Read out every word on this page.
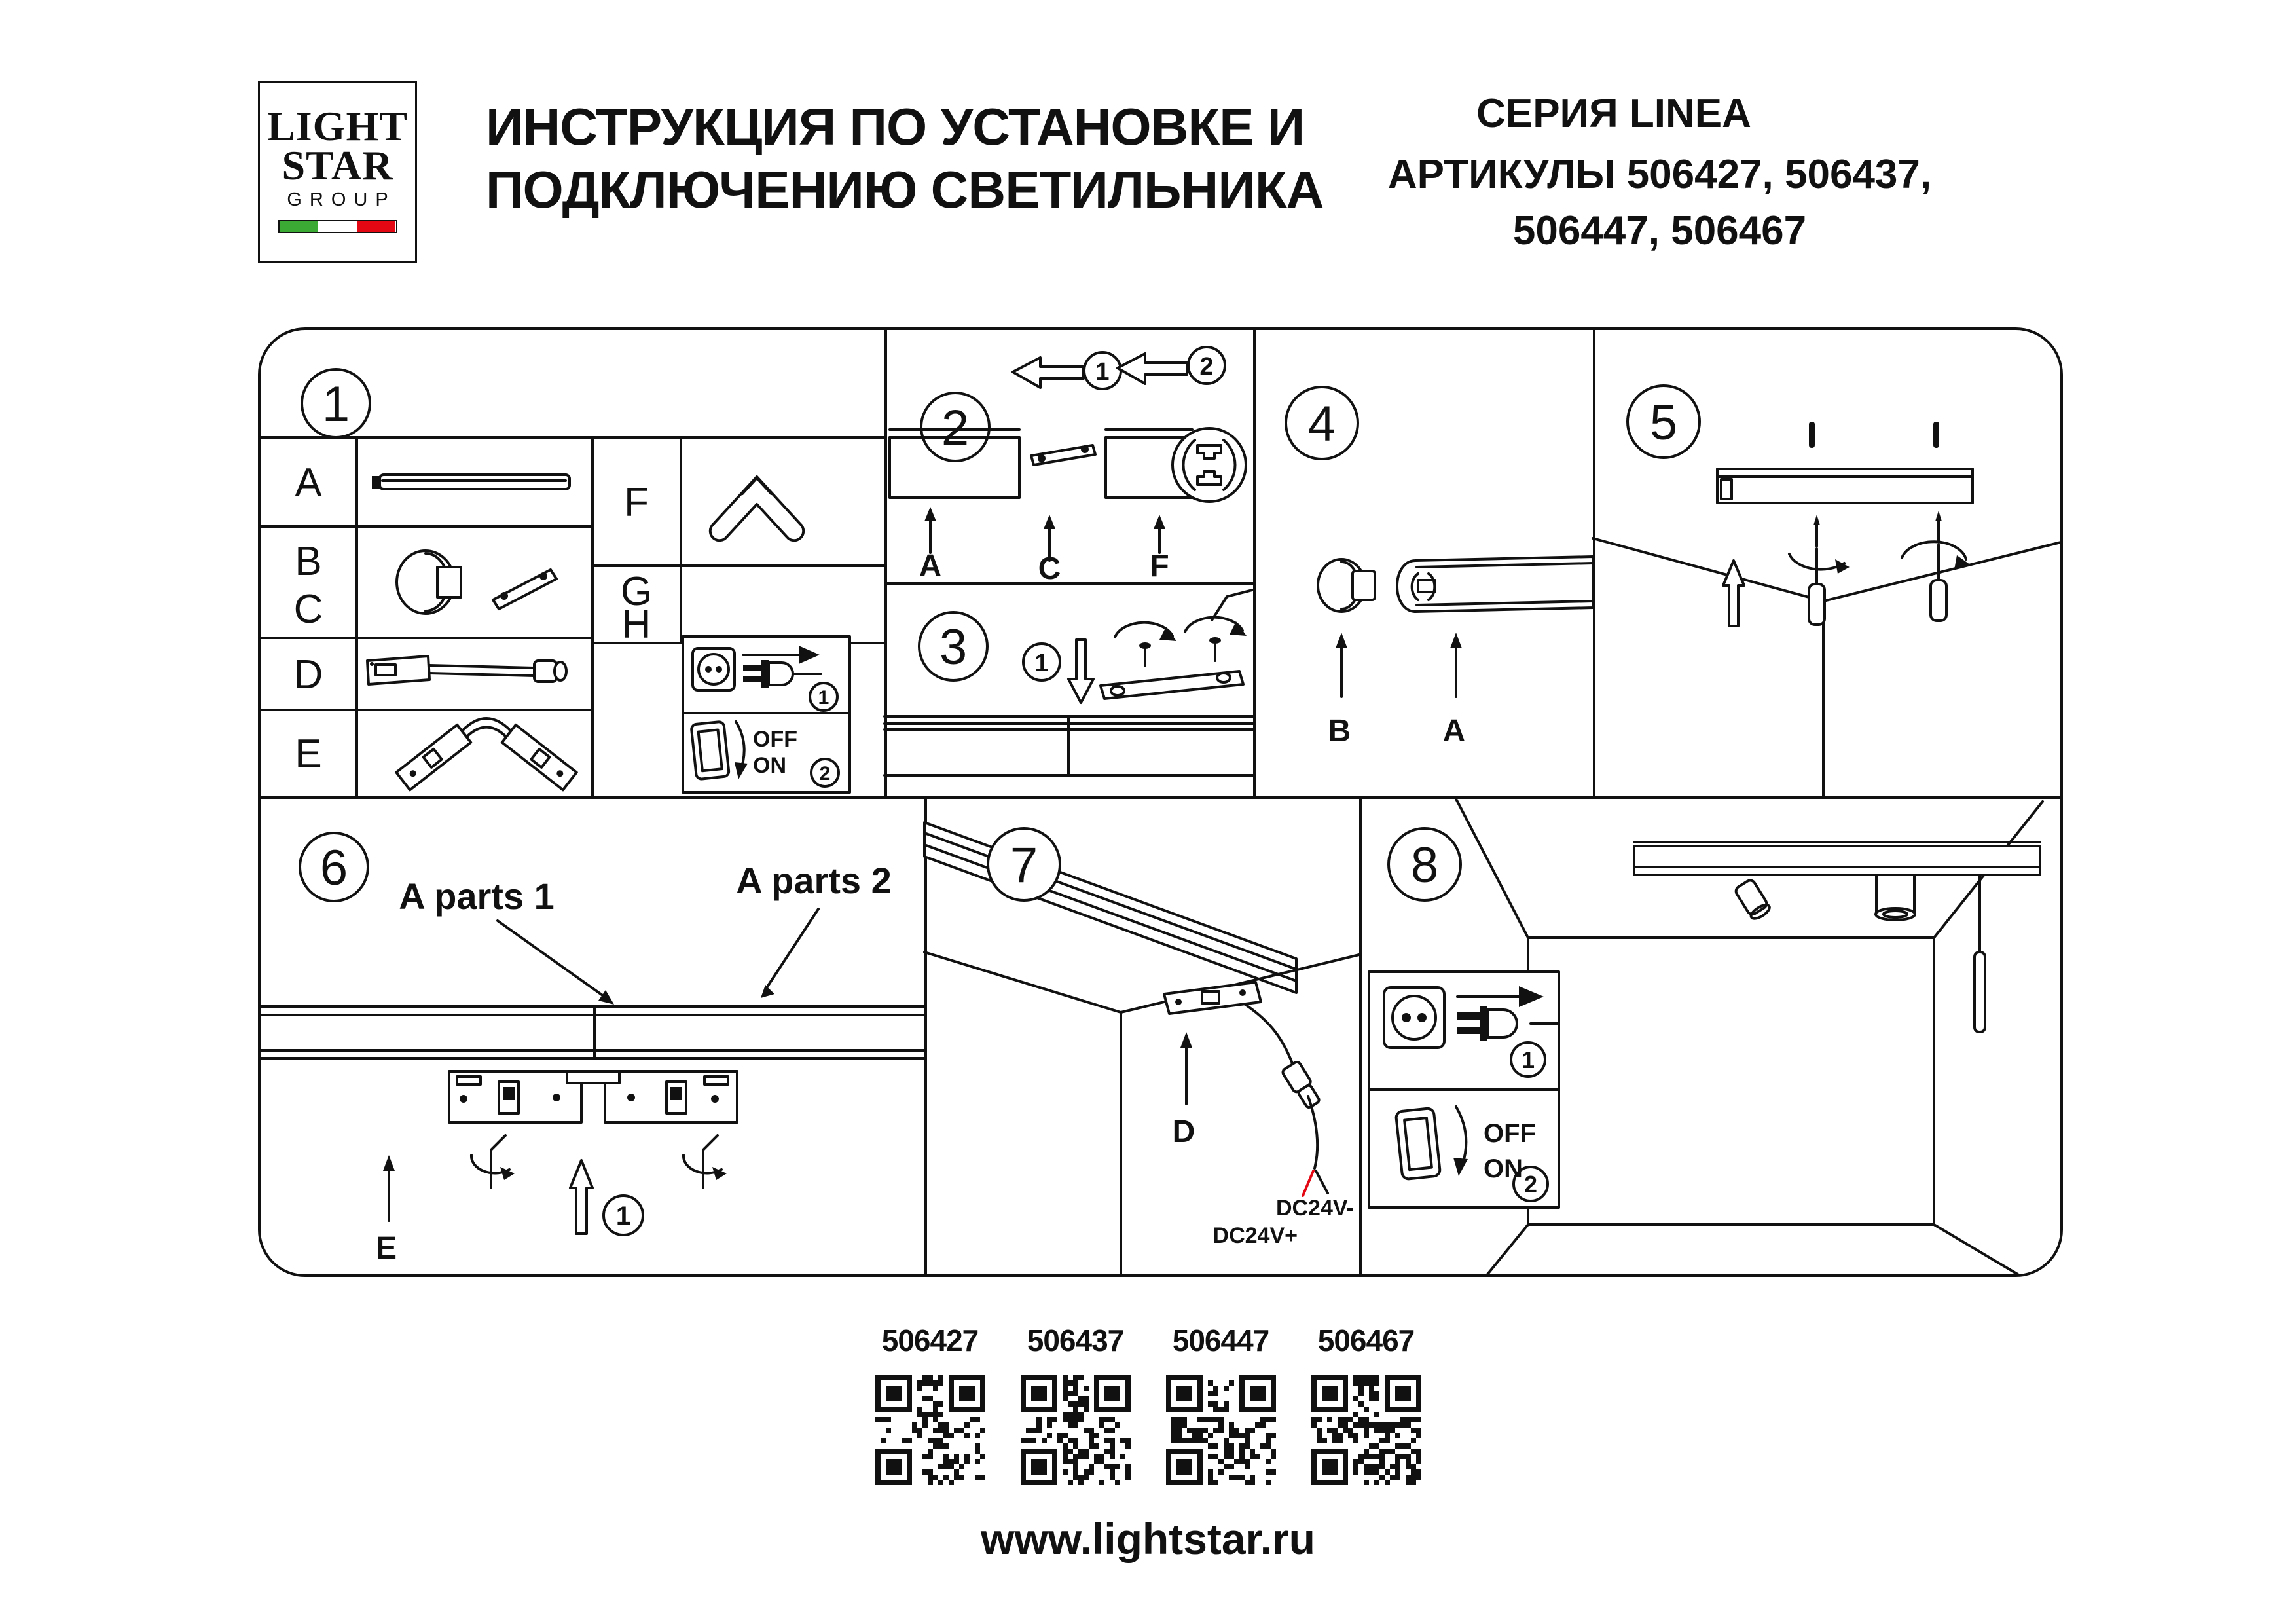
LIGHT
STAR
GROUP
ИНСТРУКЦИЯ ПО УСТАНОВКЕ И
ПОДКЛЮЧЕНИЮ СВЕТИЛЬНИКА
СЕРИЯ LINEA
АРТИКУЛЫ 506427, 506437,
506447, 506467
1
A
B
C
D
E
F
G
H
1
OFF
ON 2
2
1	2
A	C	F
3	1
4
B	A
5
6
A parts 1	A parts 2
1
E
7
D
DC24V-
DC24V+
8
1
OFF
ON
2
506427 506437 506447 506467
www.lightstar.ru
